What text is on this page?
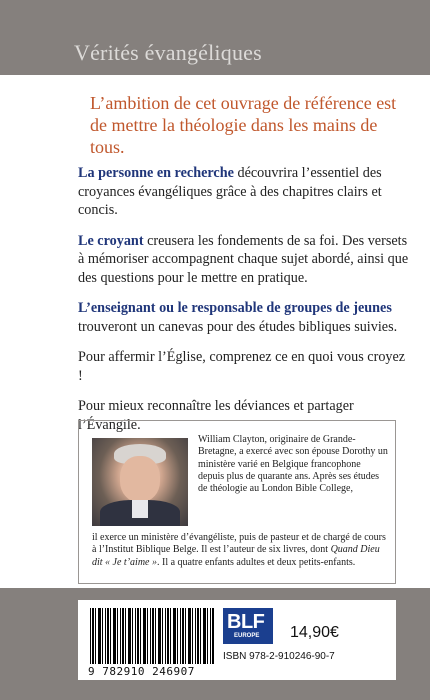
Vérités évangéliques
L’ambition de cet ouvrage de référence est de mettre la théologie dans les mains de tous.

La personne en recherche découvrira l’essentiel des croyances évangéliques grâce à des chapitres clairs et concis.

Le croyant creusera les fondements de sa foi. Des versets à mémoriser accompagnent chaque sujet abordé, ainsi que des questions pour le mettre en pratique.

L’enseignant ou le responsable de groupes de jeunes trouveront un canevas pour des études bibliques suivies.

Pour affermir l’Église, comprenez ce en quoi vous croyez !

Pour mieux reconnaître les déviances et partager l’Évangile.

William Clayton, originaire de Grande-Bretagne, a exercé avec son épouse Dorothy un ministère varié en Belgique francophone depuis plus de quarante ans. Après ses études de théologie au London Bible College,
il exerce un ministère d’évangéliste, puis de pasteur et de chargé de cours à l’Institut Biblique Belge. Il est l’auteur de six livres, dont Quand Dieu dit « Je t’aime ». Il a quatre enfants adultes et deux petits-enfants.
9 782910 246907
BLF
EUROPE 14,90€
ISBN 978-2-910246-90-7
